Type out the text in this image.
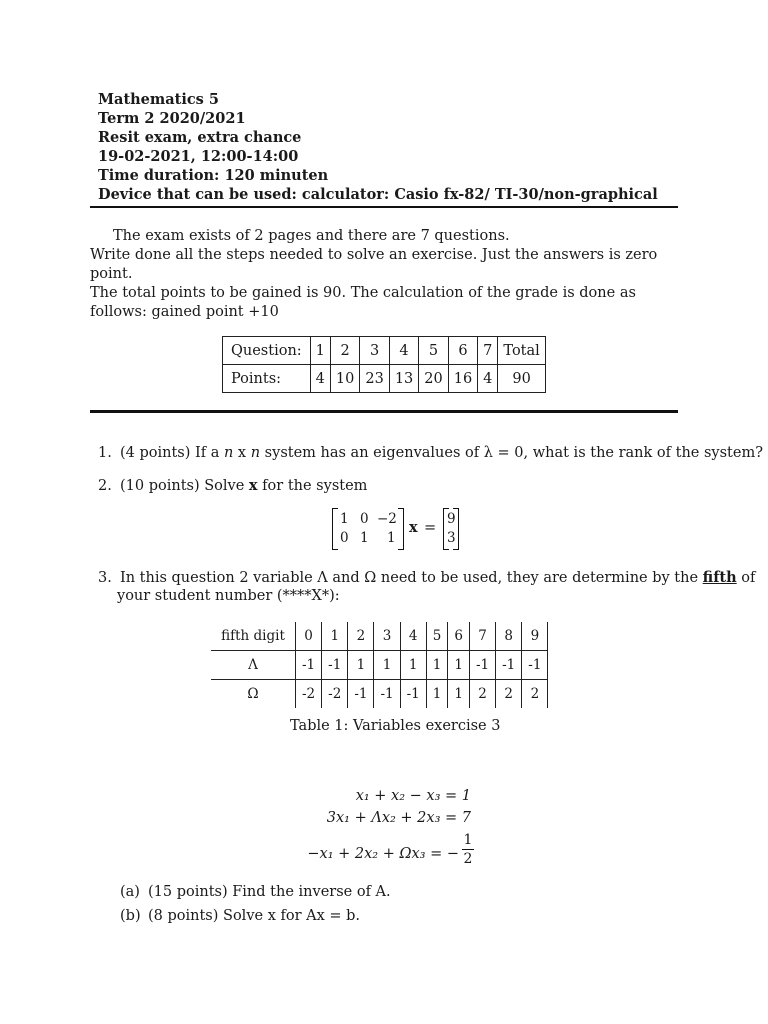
Mathematics 5
Term 2 2020/2021
Resit exam, extra chance
19-02-2021, 12:00-14:00
Time duration: 120 minuten
Device that can be used: calculator: Casio fx-82/ TI-30/non-graphical
The exam exists of 2 pages and there are 7 questions.
Write done all the steps needed to solve an exercise. Just the answers is zero point.
The total points to be gained is 90. The calculation of the grade is done as follows: gained point +10
Question:	1	2	3	4	5	6	7	Total
Points:	4	10	23	13	20	16	4	90
1. (4 points) If a n x n system has an eigenvalues of λ = 0, what is the rank of the system?
2. (10 points) Solve x for the system
1 0 −2
0 1 1
x =
9
3
3. In this question 2 variable Λ and Ω need to be used, they are determine by the fifth of
your student number (****X*):
fifth digit	0	1	2	3	4	5	6	7	8	9
Λ	-1	-1	1	1	1	1	1	-1	-1	-1
Ω	-2	-2	-1	-1	-1	1	1	2	2	2
Table 1: Variables exercise 3
x₁ + x₂ − x₃ = 1
3x₁ + Λx₂ + 2x₃ = 7
−x₁ + 2x₂ + Ωx₃ = −
1
2
(a) (15 points) Find the inverse of A.
(b) (8 points) Solve x for Ax = b.
